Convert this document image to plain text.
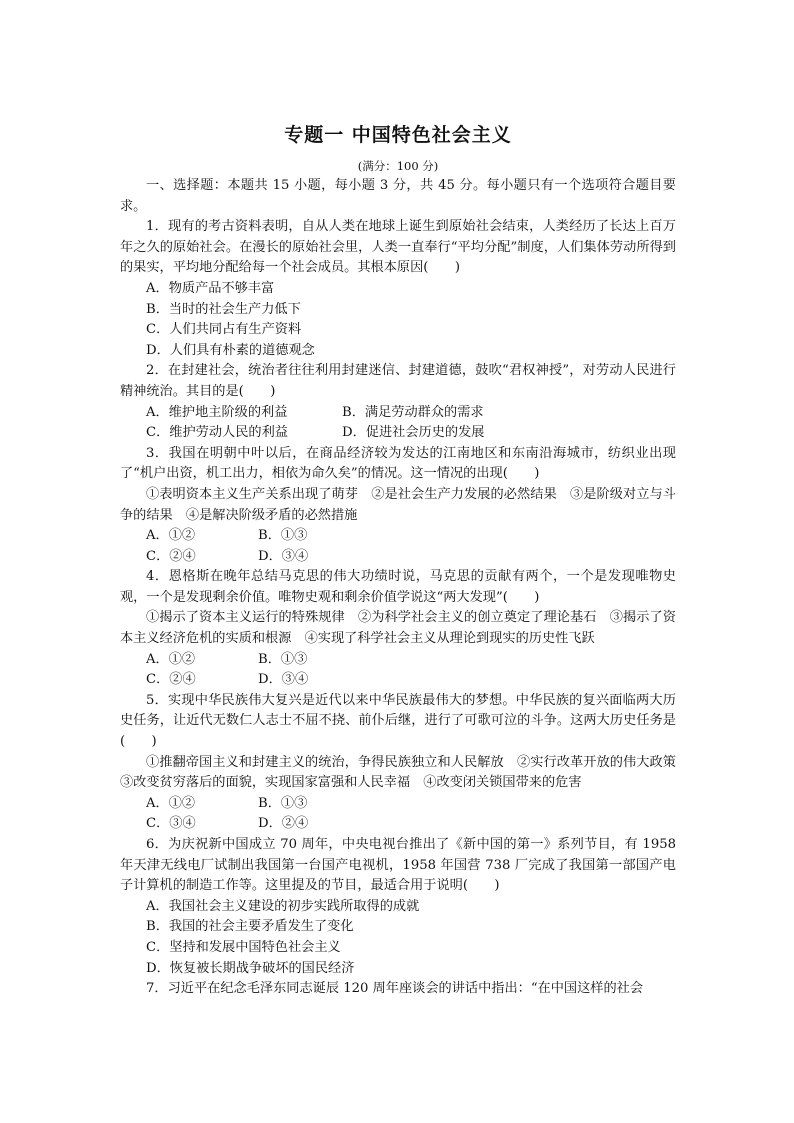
专题一 中国特色社会主义
(满分：100 分)

一、选择题：本题共 15 小题，每小题 3 分，共 45 分。每小题只有一个选项符合题目要求。

1．现有的考古资料表明，自从人类在地球上诞生到原始社会结束，人类经历了长达上百万年之久的原始社会。在漫长的原始社会里，人类一直奉行“平均分配”制度，人们集体劳动所得到的果实，平均地分配给每一个社会成员。其根本原因(　　)

A．物质产品不够丰富

B．当时的社会生产力低下

C．人们共同占有生产资料

D．人们具有朴素的道德观念

2．在封建社会，统治者往往利用封建迷信、封建道德，鼓吹“君权神授”，对劳动人民进行精神统治。其目的是(　　)

A．维护地主阶级的利益	B．满足劳动群众的需求
C．维护劳动人民的利益	D．促进社会历史的发展

3．我国在明朝中叶以后，在商品经济较为发达的江南地区和东南沿海城市，纺织业出现了“机户出资，机工出力，相依为命久矣”的情况。这一情况的出现(　　)

①表明资本主义生产关系出现了萌芽　②是社会生产力发展的必然结果　③是阶级对立与斗争的结果　④是解决阶级矛盾的必然措施

A．①②	B．①③
C．②④	D．③④

4．恩格斯在晚年总结马克思的伟大功绩时说，马克思的贡献有两个，一个是发现唯物史观，一个是发现剩余价值。唯物史观和剩余价值学说这“两大发现”(　　)

①揭示了资本主义运行的特殊规律　②为科学社会主义的创立奠定了理论基石　③揭示了资本主义经济危机的实质和根源　④实现了科学社会主义从理论到现实的历史性飞跃

A．①②	B．①③
C．②④	D．③④

5．实现中华民族伟大复兴是近代以来中华民族最伟大的梦想。中华民族的复兴面临两大历史任务，让近代无数仁人志士不屈不挠、前仆后继，进行了可歌可泣的斗争。这两大历史任务是(　　)

①推翻帝国主义和封建主义的统治，争得民族独立和人民解放　②实行改革开放的伟大政策　③改变贫穷落后的面貌，实现国家富强和人民幸福　④改变闭关锁国带来的危害

A．①②	B．①③
C．③④	D．②④

6．为庆祝新中国成立 70 周年，中央电视台推出了《新中国的第一》系列节目，有 1958 年天津无线电厂试制出我国第一台国产电视机，1958 年国营 738 厂完成了我国第一部国产电子计算机的制造工作等。这里提及的节目，最适合用于说明(　　)

A．我国社会主义建设的初步实践所取得的成就

B．我国的社会主要矛盾发生了变化

C．坚持和发展中国特色社会主义

D．恢复被长期战争破坏的国民经济

7．习近平在纪念毛泽东同志诞辰 120 周年座谈会的讲话中指出：“在中国这样的社会
